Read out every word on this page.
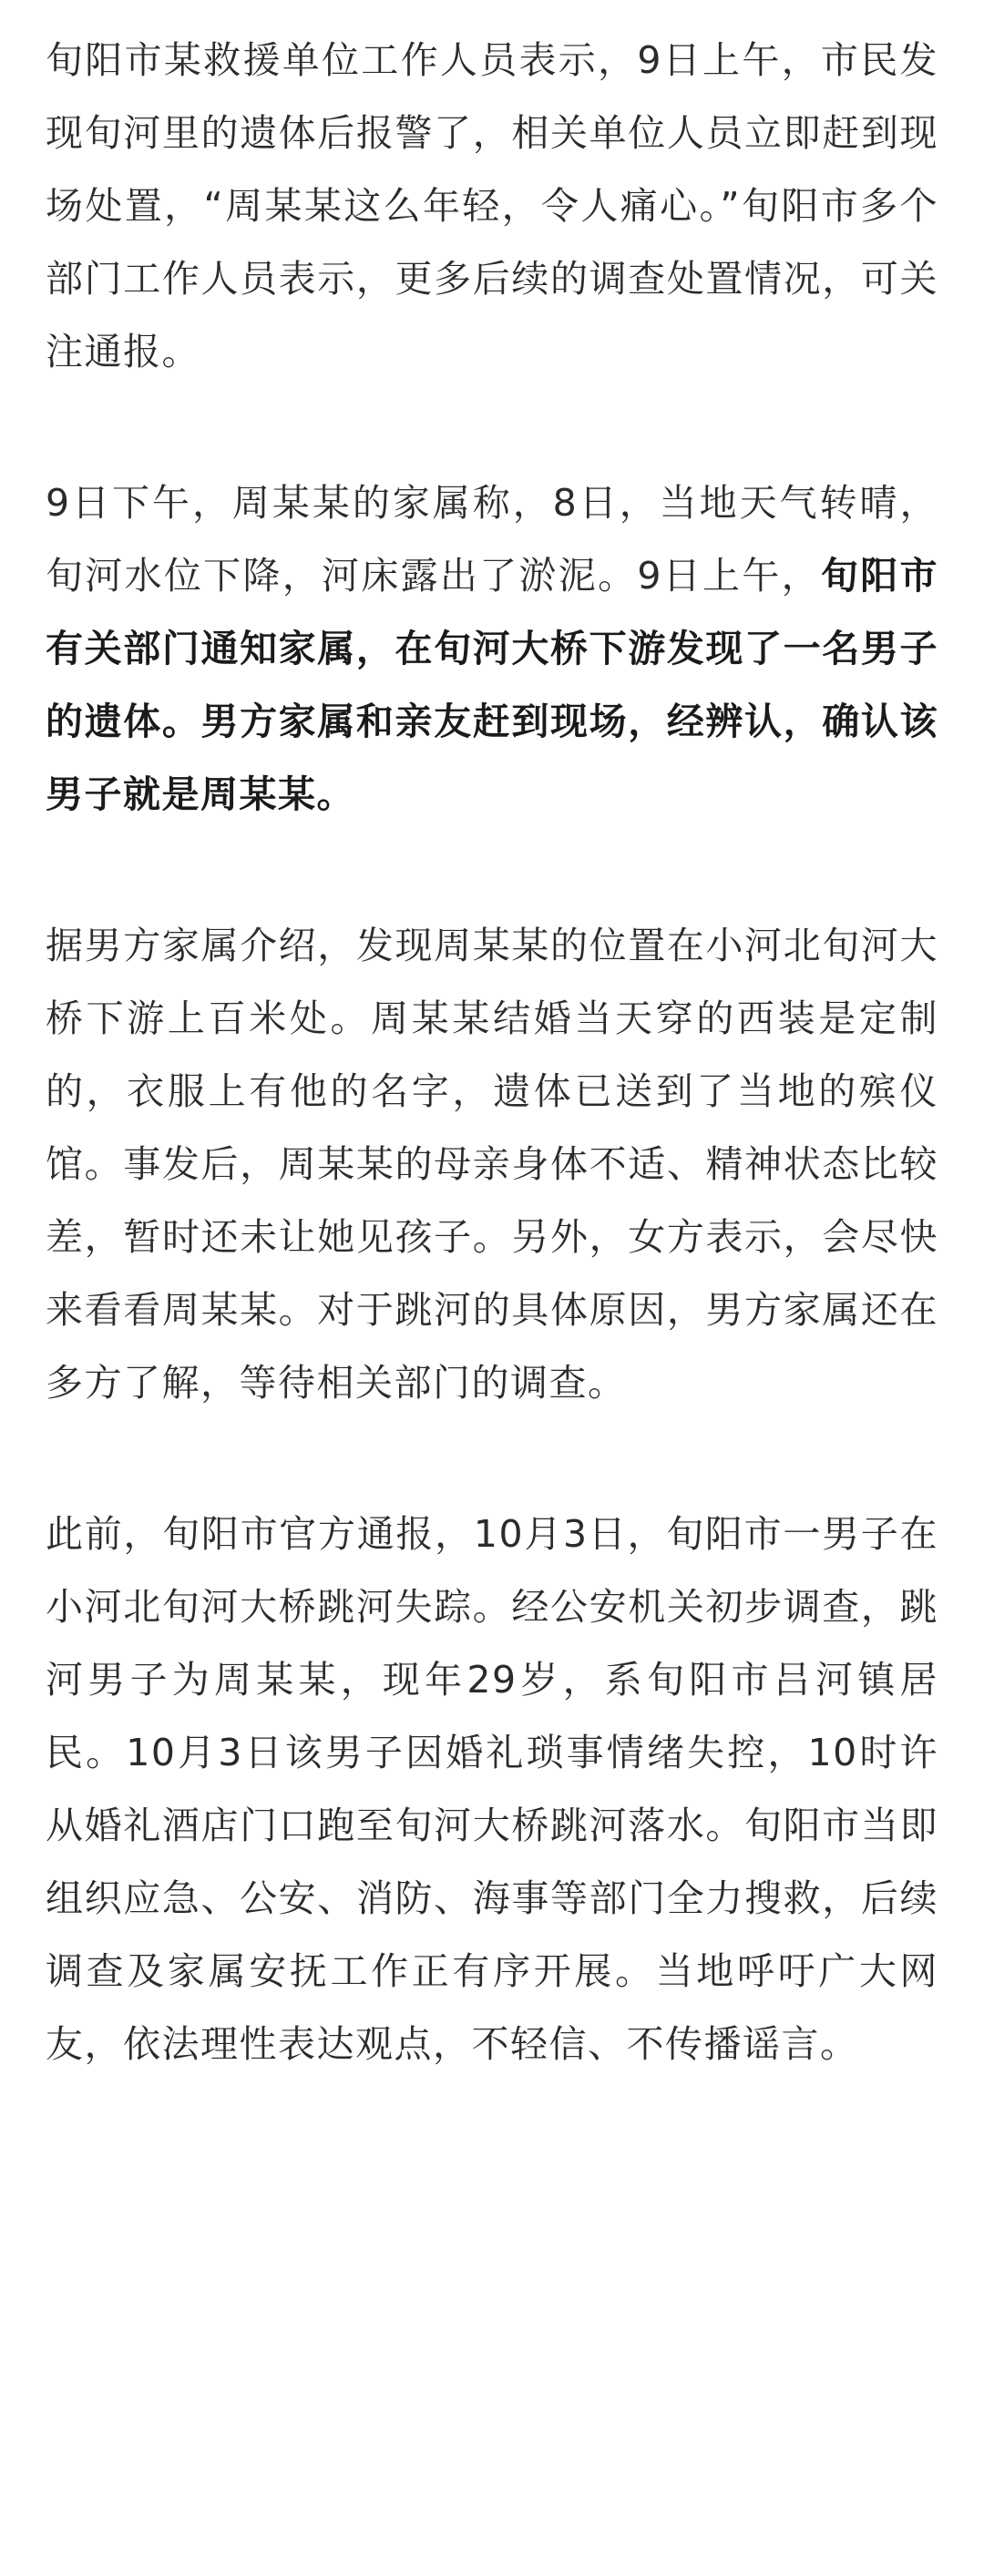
旬阳市某救援单位工作人员表示，9日上午，市民发现旬河里的遗体后报警了，相关单位人员立即赶到现场处置，“周某某这么年轻，令人痛心。”旬阳市多个部门工作人员表示，更多后续的调查处置情况，可关注通报。

9日下午，周某某的家属称，8日，当地天气转晴，旬河水位下降，河床露出了淤泥。9日上午，旬阳市有关部门通知家属，在旬河大桥下游发现了一名男子的遗体。男方家属和亲友赶到现场，经辨认，确认该男子就是周某某。

据男方家属介绍，发现周某某的位置在小河北旬河大桥下游上百米处。周某某结婚当天穿的西装是定制的，衣服上有他的名字，遗体已送到了当地的殡仪馆。事发后，周某某的母亲身体不适、精神状态比较差，暂时还未让她见孩子。另外，女方表示，会尽快来看看周某某。对于跳河的具体原因，男方家属还在多方了解，等待相关部门的调查。

此前，旬阳市官方通报，10月3日，旬阳市一男子在小河北旬河大桥跳河失踪。经公安机关初步调查，跳河男子为周某某，现年29岁，系旬阳市吕河镇居民。10月3日该男子因婚礼琐事情绪失控，10时许从婚礼酒店门口跑至旬河大桥跳河落水。旬阳市当即组织应急、公安、消防、海事等部门全力搜救，后续调查及家属安抚工作正有序开展。当地呼吁广大网友，依法理性表达观点，不轻信、不传播谣言。
